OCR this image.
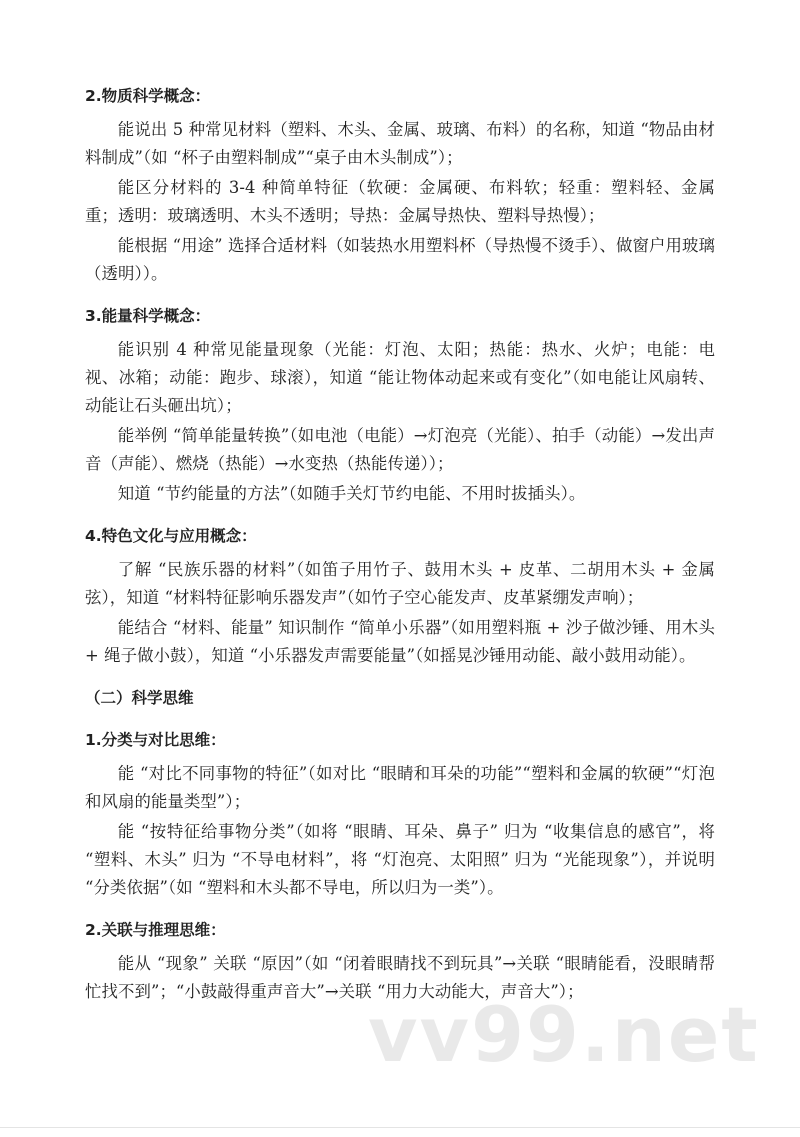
2.物质科学概念：

能说出 5 种常见材料（塑料、木头、金属、玻璃、布料）的名称，知道 “物品由材料制成”（如 “杯子由塑料制成”“桌子由木头制成”）；

能区分材料的 3-4 种简单特征（软硬：金属硬、布料软；轻重：塑料轻、金属重；透明：玻璃透明、木头不透明；导热：金属导热快、塑料导热慢）；

能根据 “用途” 选择合适材料（如装热水用塑料杯（导热慢不烫手）、做窗户用玻璃（透明））。

3.能量科学概念：

能识别 4 种常见能量现象（光能：灯泡、太阳；热能：热水、火炉；电能：电视、冰箱；动能：跑步、球滚），知道 “能让物体动起来或有变化”（如电能让风扇转、动能让石头砸出坑）；

能举例 “简单能量转换”（如电池（电能）→灯泡亮（光能）、拍手（动能）→发出声音（声能）、燃烧（热能）→水变热（热能传递））；

知道 “节约能量的方法”（如随手关灯节约电能、不用时拔插头）。

4.特色文化与应用概念：

了解 “民族乐器的材料”（如笛子用竹子、鼓用木头 + 皮革、二胡用木头 + 金属弦），知道 “材料特征影响乐器发声”（如竹子空心能发声、皮革紧绷发声响）；

能结合 “材料、能量” 知识制作 “简单小乐器”（如用塑料瓶 + 沙子做沙锤、用木头 + 绳子做小鼓），知道 “小乐器发声需要能量”（如摇晃沙锤用动能、敲小鼓用动能）。

（二）科学思维
1.分类与对比思维：

能 “对比不同事物的特征”（如对比 “眼睛和耳朵的功能”“塑料和金属的软硬”“灯泡和风扇的能量类型”）；

能 “按特征给事物分类”（如将 “眼睛、耳朵、鼻子” 归为 “收集信息的感官”，将 “塑料、木头” 归为 “不导电材料”，将 “灯泡亮、太阳照” 归为 “光能现象”），并说明 “分类依据”（如 “塑料和木头都不导电，所以归为一类”）。

2.关联与推理思维：

能从 “现象” 关联 “原因”（如 “闭着眼睛找不到玩具”→关联 “眼睛能看，没眼睛帮忙找不到”；“小鼓敲得重声音大”→关联 “用力大动能大，声音大”）；

vv99.net
